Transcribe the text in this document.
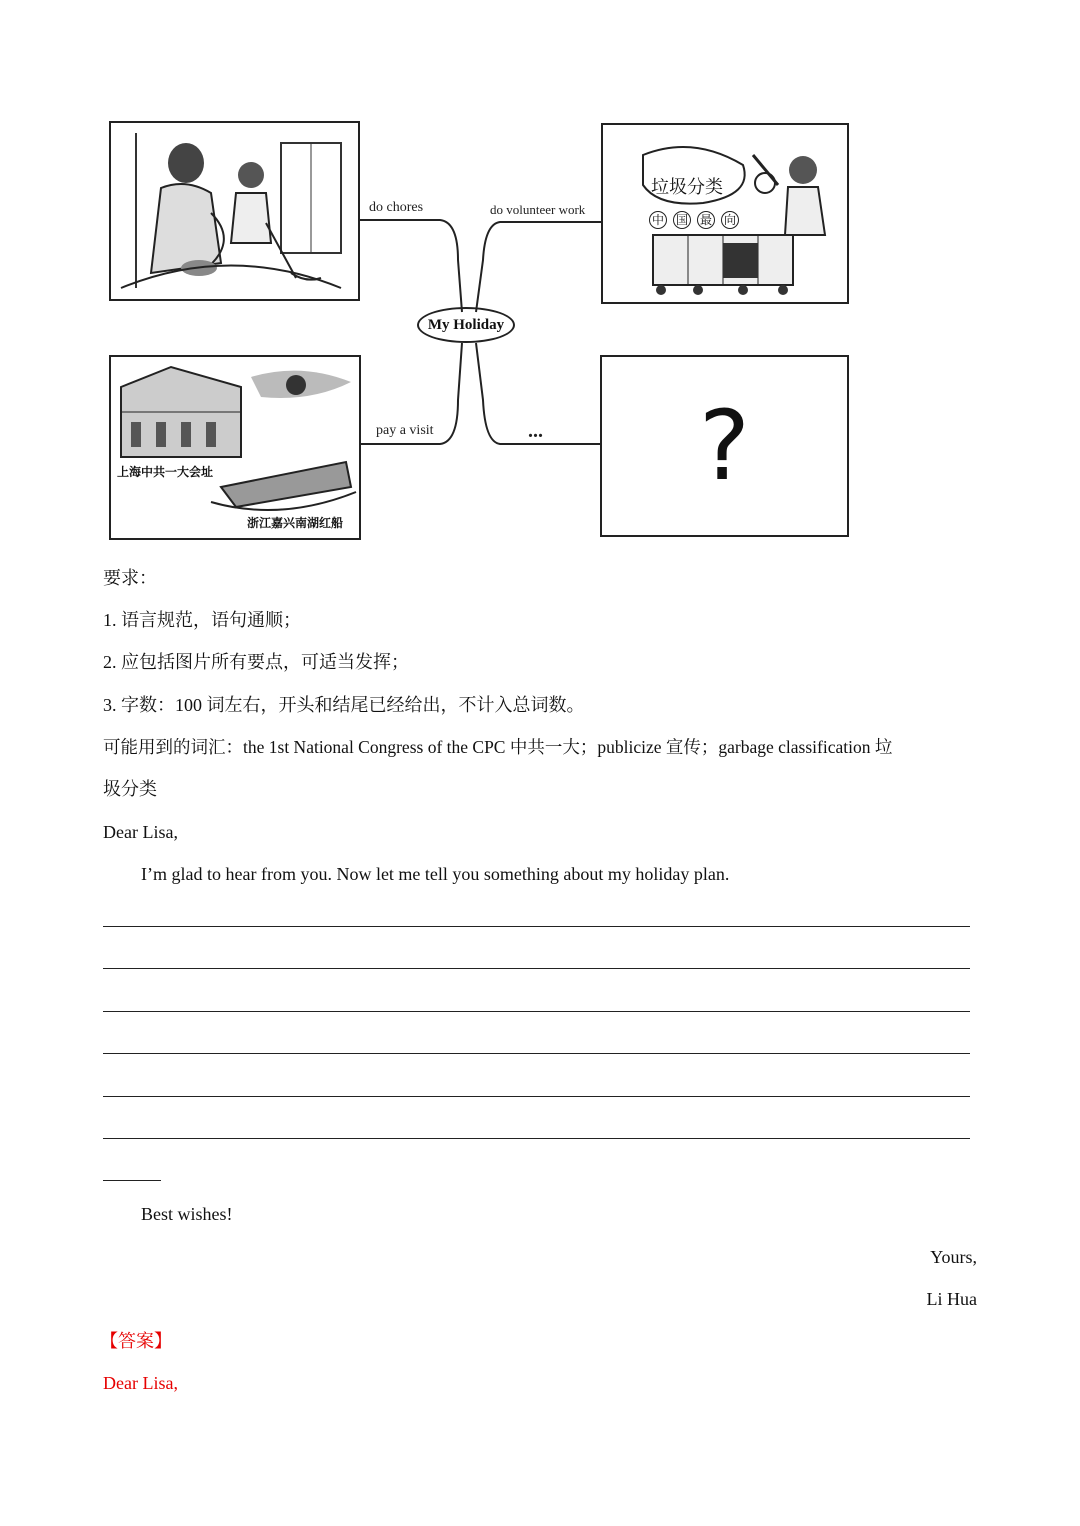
垃圾分类
中 国 最 向
上海中共一大会址
浙江嘉兴南湖红船
?
do chores	do volunteer work
pay a visit	...
My Holiday
要求：
1. 语言规范，语句通顺；
2. 应包括图片所有要点，可适当发挥；
3. 字数：100 词左右，开头和结尾已经给出，不计入总词数。
可能用到的词汇：the 1st National Congress of the CPC 中共一大；publicize 宣传；garbage classification 垃
圾分类
Dear Lisa,
I’m glad to hear from you. Now let me tell you something about my holiday plan.
Best wishes!
Yours,
Li Hua
【答案】
Dear Lisa,
